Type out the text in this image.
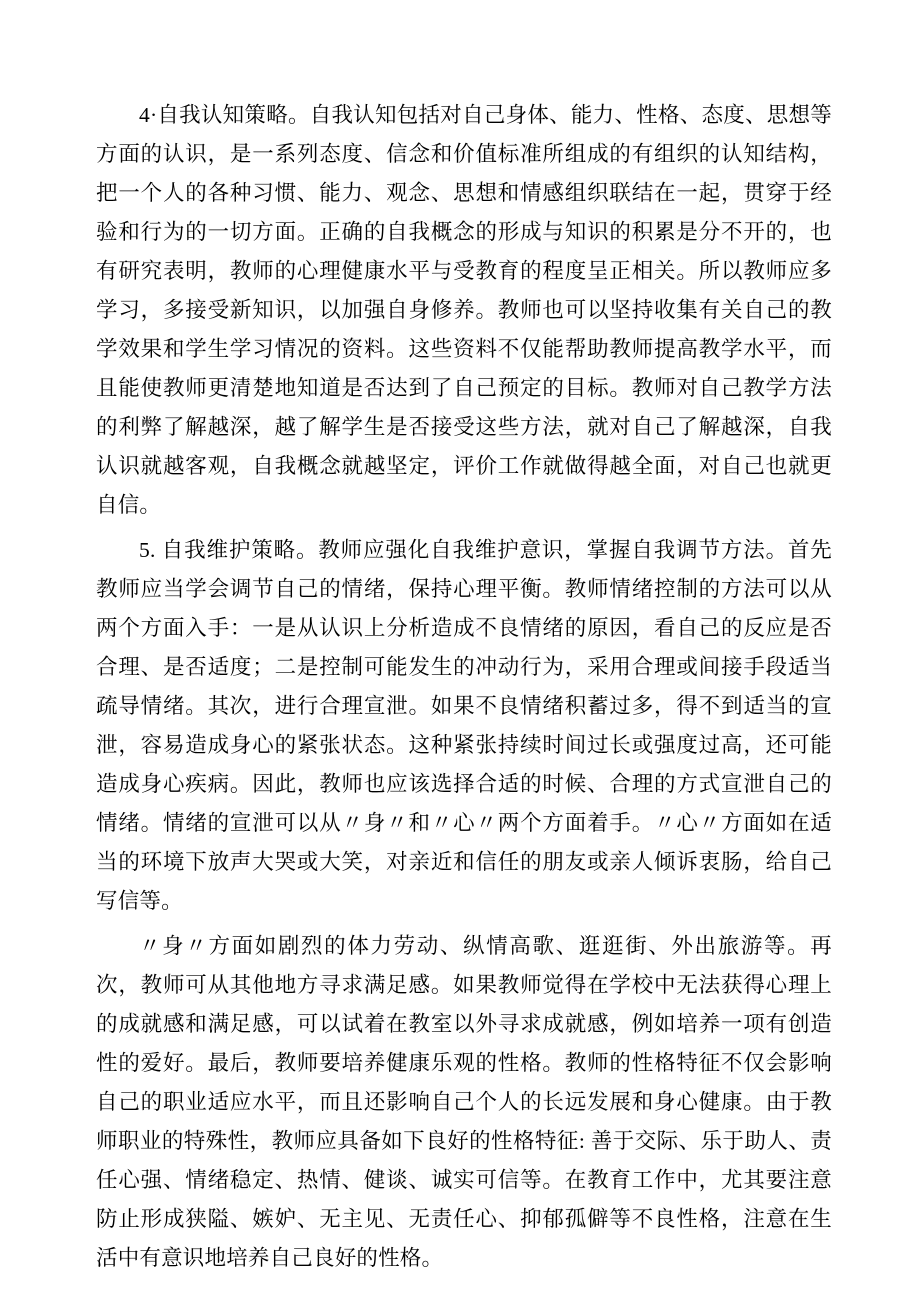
4·自我认知策略。自我认知包括对自己身体、能力、性格、态度、思想等方面的认识，是一系列态度、信念和价值标准所组成的有组织的认知结构，把一个人的各种习惯、能力、观念、思想和情感组织联结在一起，贯穿于经验和行为的一切方面。正确的自我概念的形成与知识的积累是分不开的，也有研究表明，教师的心理健康水平与受教育的程度呈正相关。所以教师应多学习，多接受新知识，以加强自身修养。教师也可以坚持收集有关自己的教学效果和学生学习情况的资料。这些资料不仅能帮助教师提高教学水平，而且能使教师更清楚地知道是否达到了自己预定的目标。教师对自己教学方法的利弊了解越深，越了解学生是否接受这些方法，就对自己了解越深，自我认识就越客观，自我概念就越坚定，评价工作就做得越全面，对自己也就更自信。

5. 自我维护策略。教师应强化自我维护意识，掌握自我调节方法。首先教师应当学会调节自己的情绪，保持心理平衡。教师情绪控制的方法可以从两个方面入手：一是从认识上分析造成不良情绪的原因，看自己的反应是否合理、是否适度；二是控制可能发生的冲动行为，采用合理或间接手段适当疏导情绪。其次，进行合理宣泄。如果不良情绪积蓄过多，得不到适当的宣泄，容易造成身心的紧张状态。这种紧张持续时间过长或强度过高，还可能造成身心疾病。因此，教师也应该选择合适的时候、合理的方式宣泄自己的情绪。情绪的宣泄可以从〃身〃和〃心〃两个方面着手。〃心〃方面如在适当的环境下放声大哭或大笑，对亲近和信任的朋友或亲人倾诉衷肠，给自己写信等。

〃身〃方面如剧烈的体力劳动、纵情高歌、逛逛街、外出旅游等。再次，教师可从其他地方寻求满足感。如果教师觉得在学校中无法获得心理上的成就感和满足感，可以试着在教室以外寻求成就感，例如培养一项有创造性的爱好。最后，教师要培养健康乐观的性格。教师的性格特征不仅会影响自己的职业适应水平，而且还影响自己个人的长远发展和身心健康。由于教师职业的特殊性，教师应具备如下良好的性格特征: 善于交际、乐于助人、责任心强、情绪稳定、热情、健谈、诚实可信等。在教育工作中，尤其要注意防止形成狭隘、嫉妒、无主见、无责任心、抑郁孤僻等不良性格，注意在生活中有意识地培养自己良好的性格。
